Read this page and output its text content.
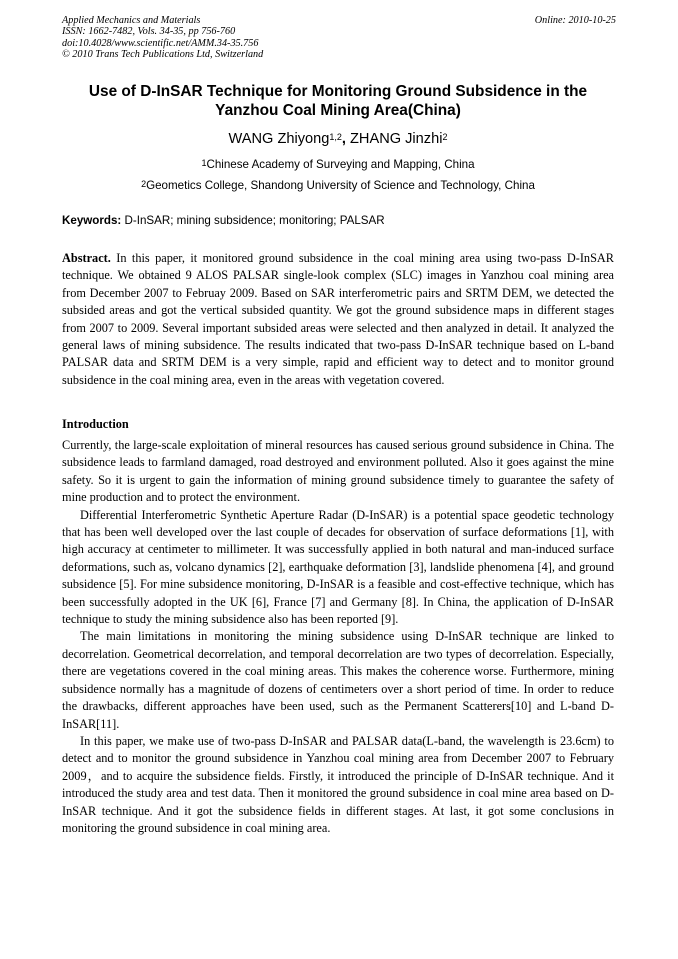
Applied Mechanics and Materials
ISSN: 1662-7482, Vols. 34-35, pp 756-760
doi:10.4028/www.scientific.net/AMM.34-35.756
© 2010 Trans Tech Publications Ltd, Switzerland
Online: 2010-10-25
Use of D-InSAR Technique for Monitoring Ground Subsidence in the
Yanzhou Coal Mining Area(China)
WANG Zhiyong$^{1,2}$, ZHANG Jinzhi$^2$
$^1$Chinese Academy of Surveying and Mapping, China
$^2$Geometics College, Shandong University of Science and Technology, China
Keywords: D-InSAR; mining subsidence; monitoring; PALSAR
Abstract. In this paper, it monitored ground subsidence in the coal mining area using two-pass D-InSAR technique. We obtained 9 ALOS PALSAR single-look complex (SLC) images in Yanzhou coal mining area from December 2007 to Februay 2009. Based on SAR interferometric pairs and SRTM DEM, we detected the subsided areas and got the vertical subsided quantity. We got the ground subsidence maps in different stages from 2007 to 2009. Several important subsided areas were selected and then analyzed in detail. It analyzed the general laws of mining subsidence. The results indicated that two-pass D-InSAR technique based on L-band PALSAR data and SRTM DEM is a very simple, rapid and efficient way to detect and to monitor ground subsidence in the coal mining area, even in the areas with vegetation covered.
Introduction

Currently, the large-scale exploitation of mineral resources has caused serious ground subsidence in China. The subsidence leads to farmland damaged, road destroyed and environment polluted. Also it goes against the mine safety. So it is urgent to gain the information of mining ground subsidence timely to guarantee the safety of mine production and to protect the environment.

Differential Interferometric Synthetic Aperture Radar (D-InSAR) is a potential space geodetic technology that has been well developed over the last couple of decades for observation of surface deformations [1], with high accuracy at centimeter to millimeter. It was successfully applied in both natural and man-induced surface deformations, such as, volcano dynamics [2], earthquake deformation [3], landslide phenomena [4], and ground subsidence [5]. For mine subsidence monitoring, D-InSAR is a feasible and cost-effective technique, which has been successfully adopted in the UK [6], France [7] and Germany [8]. In China, the application of D-InSAR technique to study the mining subsidence also has been reported [9].

The main limitations in monitoring the mining subsidence using D-InSAR technique are linked to decorrelation. Geometrical decorrelation, and temporal decorrelation are two types of decorrelation. Especially, there are vegetations covered in the coal mining areas. This makes the coherence worse. Furthermore, mining subsidence normally has a magnitude of dozens of centimeters over a short period of time. In order to reduce the drawbacks, different approaches have been used, such as the Permanent Scatterers[10] and L-band D-InSAR[11].

In this paper, we make use of two-pass D-InSAR and PALSAR data(L-band, the wavelength is 23.6cm) to detect and to monitor the ground subsidence in Yanzhou coal mining area from December 2007 to February 2009，and to acquire the subsidence fields. Firstly, it introduced the principle of D-InSAR technique. And it introduced the study area and test data. Then it monitored the ground subsidence in coal mine area based on D-InSAR technique. And it got the subsidence fields in different stages. At last, it got some conclusions in monitoring the ground subsidence in coal mining area.
